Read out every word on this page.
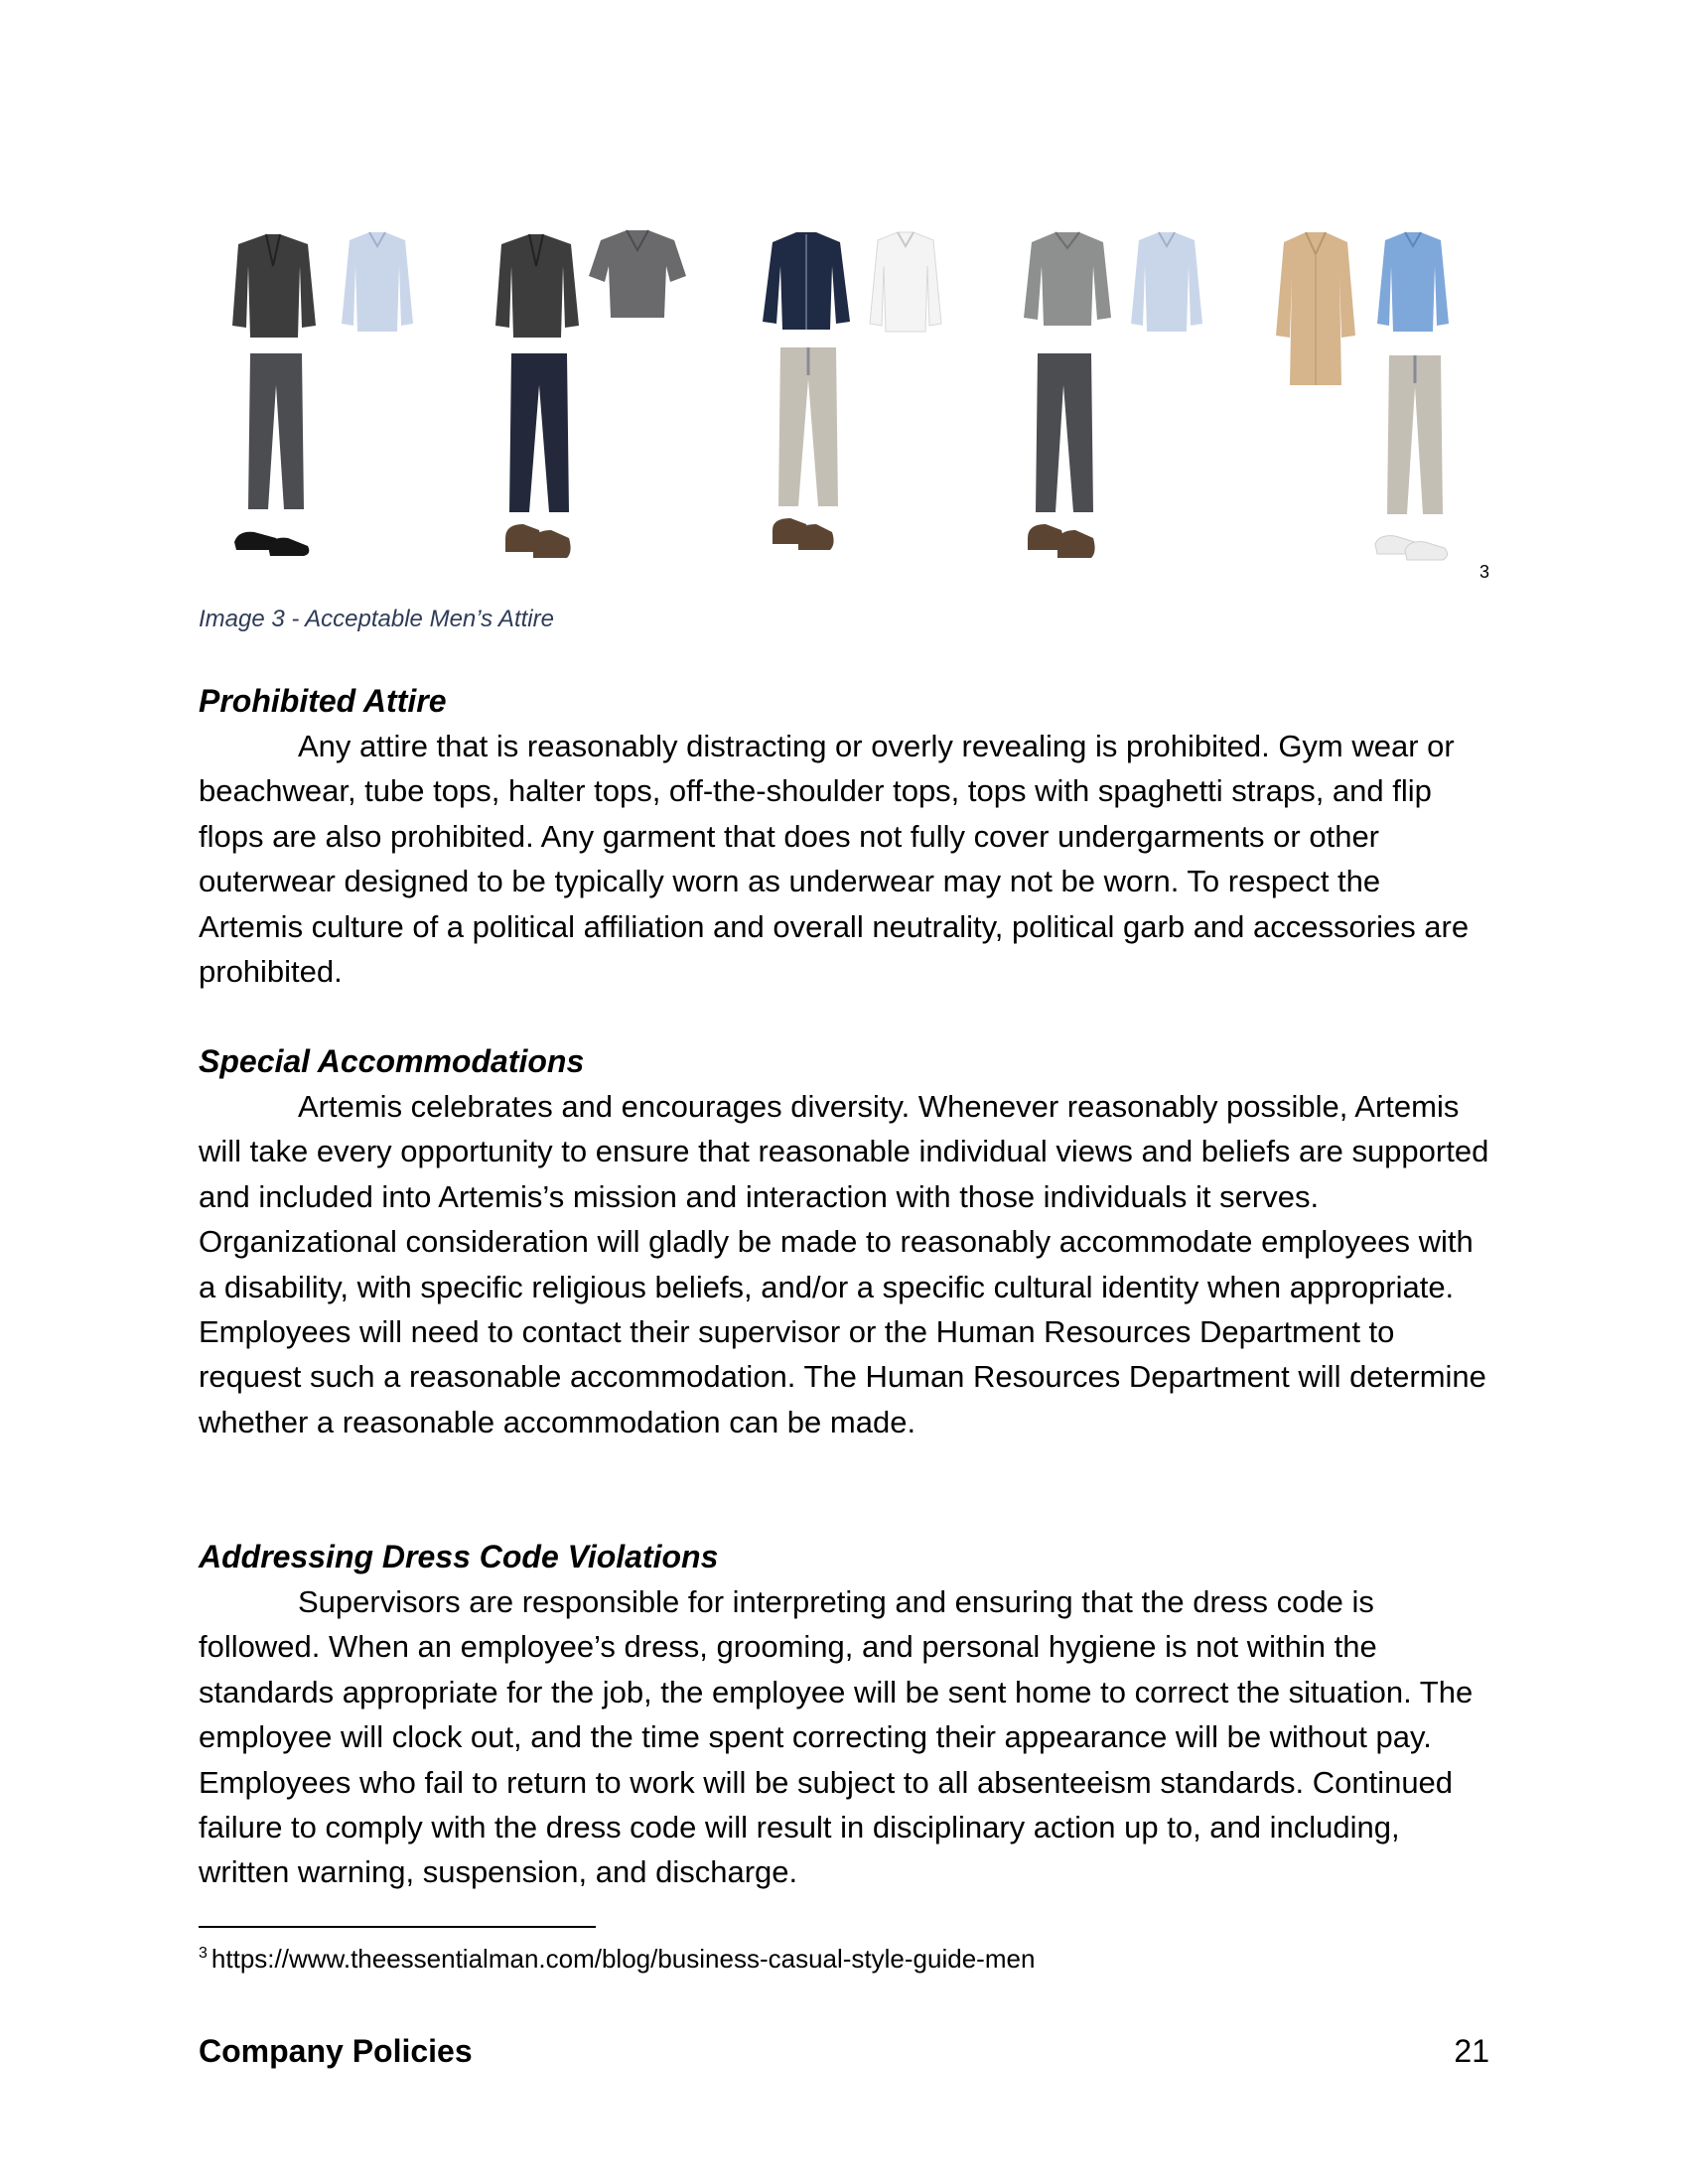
3
Image 3 - Acceptable Men’s Attire
Prohibited Attire

Any attire that is reasonably distracting or overly revealing is prohibited. Gym wear or beachwear, tube tops, halter tops, off-the-shoulder tops, tops with spaghetti straps, and flip flops are also prohibited. Any garment that does not fully cover undergarments or other outerwear designed to be typically worn as underwear may not be worn. To respect the Artemis culture of a political affiliation and overall neutrality, political garb and accessories are prohibited.

Special Accommodations

Artemis celebrates and encourages diversity. Whenever reasonably possible, Artemis will take every opportunity to ensure that reasonable individual views and beliefs are supported and included into Artemis’s mission and interaction with those individuals it serves. Organizational consideration will gladly be made to reasonably accommodate employees with a disability, with specific religious beliefs, and/or a specific cultural identity when appropriate. Employees will need to contact their supervisor or the Human Resources Department to request such a reasonable accommodation. The Human Resources Department will determine whether a reasonable accommodation can be made.

Addressing Dress Code Violations

Supervisors are responsible for interpreting and ensuring that the dress code is followed. When an employee’s dress, grooming, and personal hygiene is not within the standards appropriate for the job, the employee will be sent home to correct the situation. The employee will clock out, and the time spent correcting their appearance will be without pay. Employees who fail to return to work will be subject to all absenteeism standards. Continued failure to comply with the dress code will result in disciplinary action up to, and including, written warning, suspension, and discharge.

$^3$ https://www.theessentialman.com/blog/business-casual-style-guide-men
Company Policies	21
